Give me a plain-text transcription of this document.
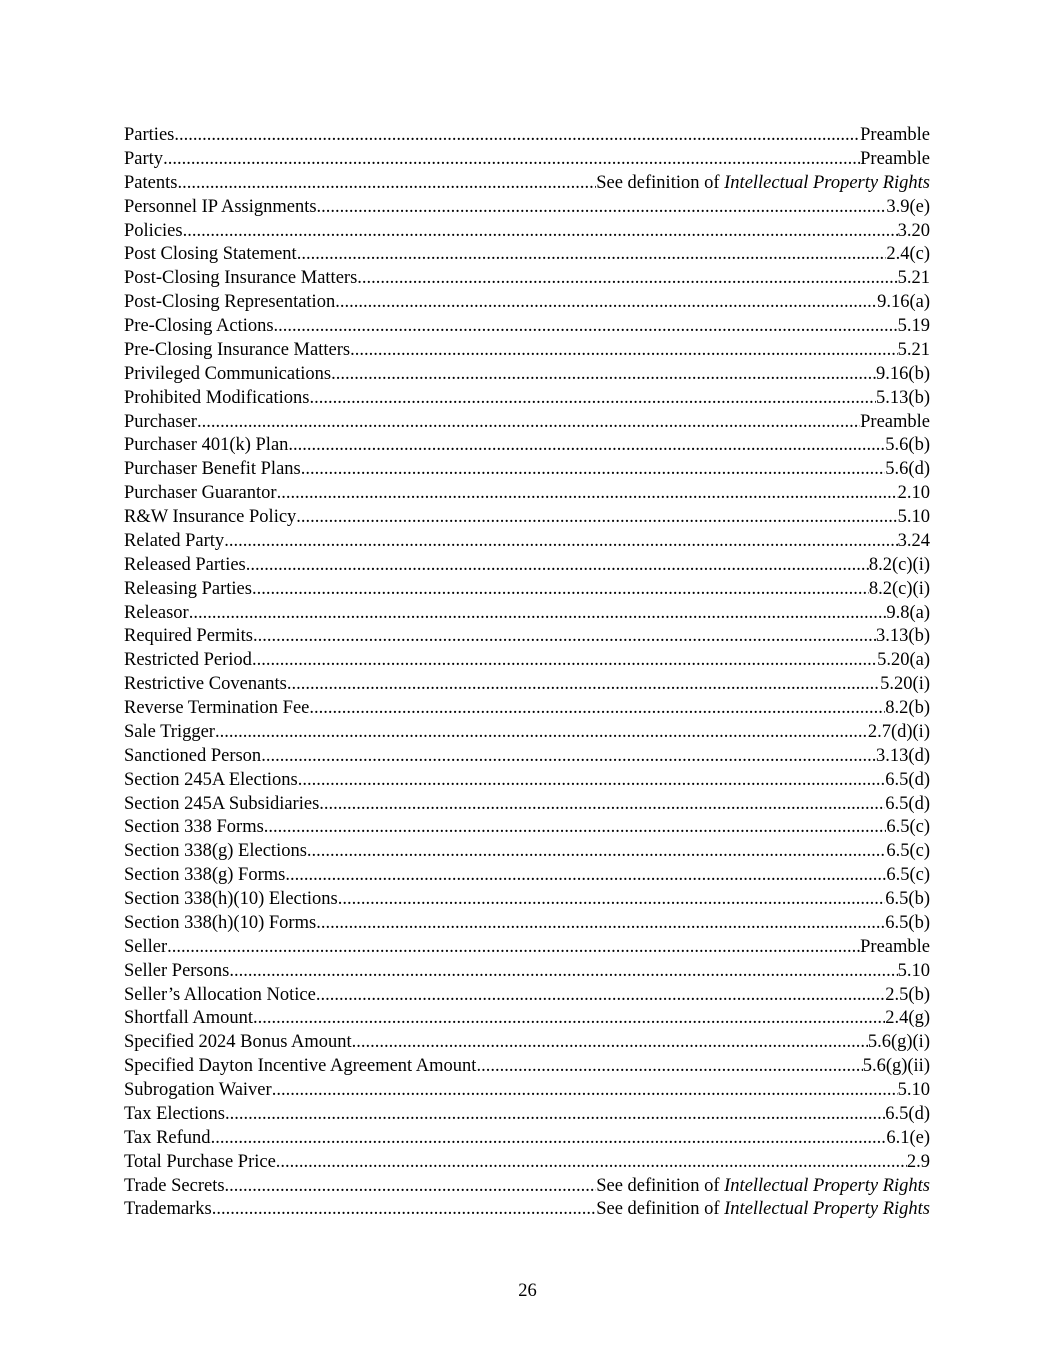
Parties .....	Preamble
Party .....	Preamble
Patents .....	See definition of Intellectual Property Rights
Personnel IP Assignments .....	3.9(e)
Policies .....	3.20
Post Closing Statement .....	2.4(c)
Post-Closing Insurance Matters .....	5.21
Post-Closing Representation .....	9.16(a)
Pre-Closing Actions .....	5.19
Pre-Closing Insurance Matters .....	5.21
Privileged Communications .....	9.16(b)
Prohibited Modifications .....	5.13(b)
Purchaser .....	Preamble
Purchaser 401(k) Plan .....	5.6(b)
Purchaser Benefit Plans .....	5.6(d)
Purchaser Guarantor .....	2.10
R&W Insurance Policy .....	5.10
Related Party .....	3.24
Released Parties .....	8.2(c)(i)
Releasing Parties .....	8.2(c)(i)
Releasor .....	9.8(a)
Required Permits .....	3.13(b)
Restricted Period .....	5.20(a)
Restrictive Covenants .....	5.20(i)
Reverse Termination Fee .....	8.2(b)
Sale Trigger .....	2.7(d)(i)
Sanctioned Person .....	3.13(d)
Section 245A Elections .....	6.5(d)
Section 245A Subsidiaries .....	6.5(d)
Section 338 Forms .....	6.5(c)
Section 338(g) Elections .....	6.5(c)
Section 338(g) Forms .....	6.5(c)
Section 338(h)(10) Elections .....	6.5(b)
Section 338(h)(10) Forms .....	6.5(b)
Seller .....	Preamble
Seller Persons .....	5.10
Seller’s Allocation Notice .....	2.5(b)
Shortfall Amount .....	2.4(g)
Specified 2024 Bonus Amount .....	5.6(g)(i)
Specified Dayton Incentive Agreement Amount .....	5.6(g)(ii)
Subrogation Waiver .....	5.10
Tax Elections .....	6.5(d)
Tax Refund .....	6.1(e)
Total Purchase Price .....	2.9
Trade Secrets .....	See definition of Intellectual Property Rights
Trademarks .....	See definition of Intellectual Property Rights
26
